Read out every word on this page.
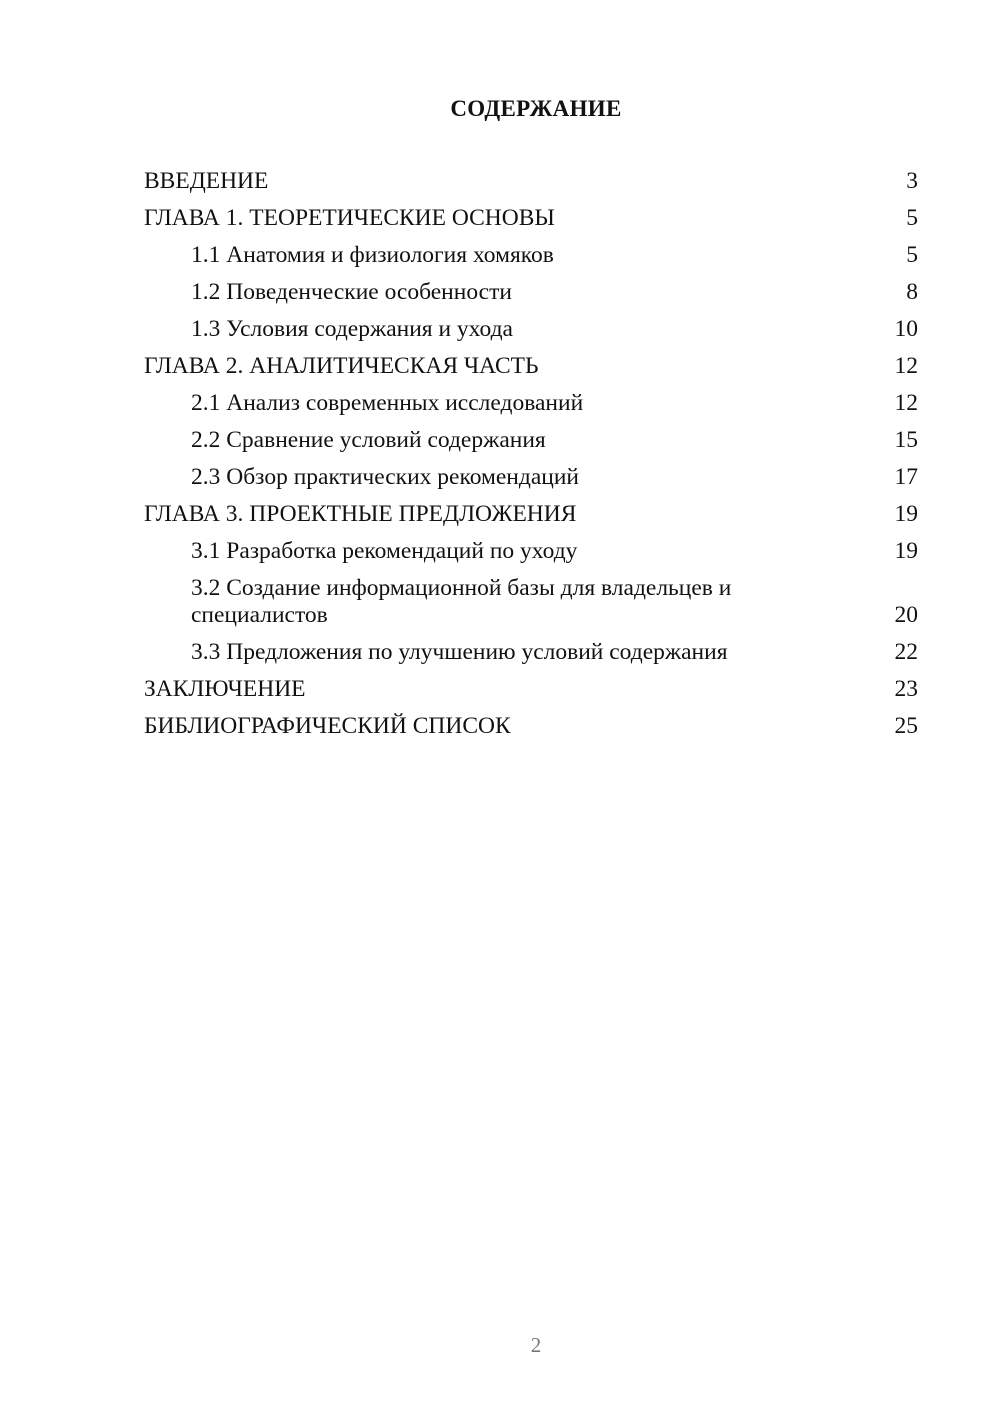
СОДЕРЖАНИЕ
ВВЕДЕНИЕ	3
ГЛАВА 1. ТЕОРЕТИЧЕСКИЕ ОСНОВЫ	5
1.1 Анатомия и физиология хомяков	5
1.2 Поведенческие особенности	8
1.3 Условия содержания и ухода	10
ГЛАВА 2. АНАЛИТИЧЕСКАЯ ЧАСТЬ	12
2.1 Анализ современных исследований	12
2.2 Сравнение условий содержания	15
2.3 Обзор практических рекомендаций	17
ГЛАВА 3. ПРОЕКТНЫЕ ПРЕДЛОЖЕНИЯ	19
3.1 Разработка рекомендаций по уходу	19
3.2 Создание информационной базы для владельцев и специалистов	20
3.3 Предложения по улучшению условий содержания	22
ЗАКЛЮЧЕНИЕ	23
БИБЛИОГРАФИЧЕСКИЙ СПИСОК	25
2
